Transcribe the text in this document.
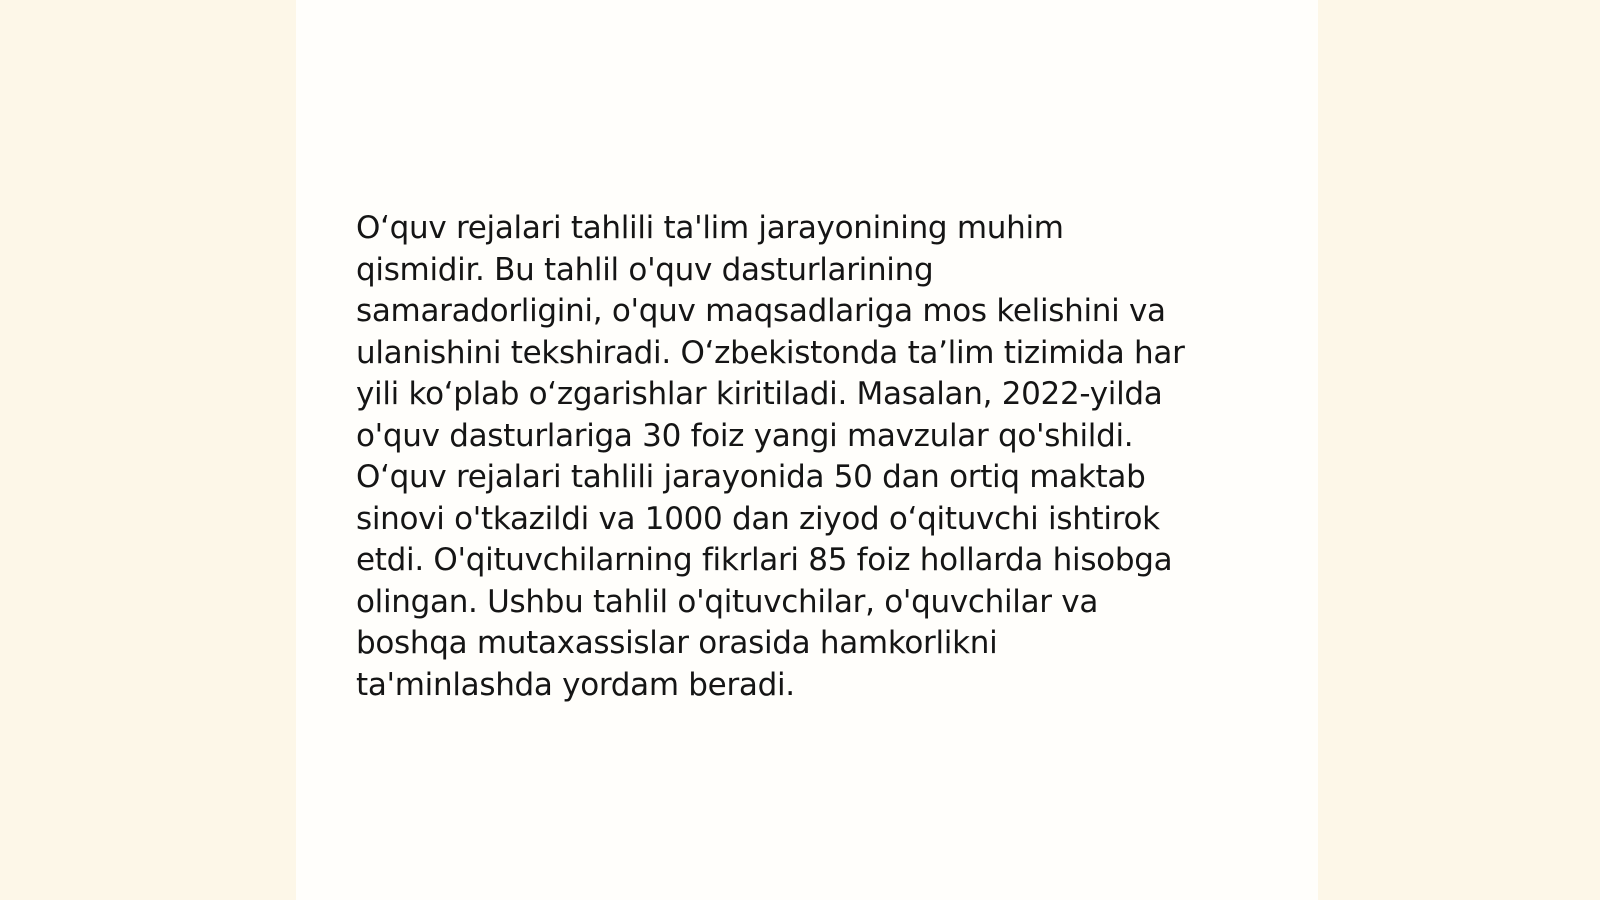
O‘quv rejalari tahlili ta'lim jarayonining muhim
qismidir. Bu tahlil o'quv dasturlarining
samaradorligini, o'quv maqsadlariga mos kelishini va
ulanishini tekshiradi. O‘zbekistonda ta’lim tizimida har
yili ko‘plab o‘zgarishlar kiritiladi. Masalan, 2022-yilda
o'quv dasturlariga 30 foiz yangi mavzular qo'shildi.
O‘quv rejalari tahlili jarayonida 50 dan ortiq maktab
sinovi o'tkazildi va 1000 dan ziyod o‘qituvchi ishtirok
etdi. O'qituvchilarning fikrlari 85 foiz hollarda hisobga
olingan. Ushbu tahlil o'qituvchilar, o'quvchilar va
boshqa mutaxassislar orasida hamkorlikni
ta'minlashda yordam beradi.
